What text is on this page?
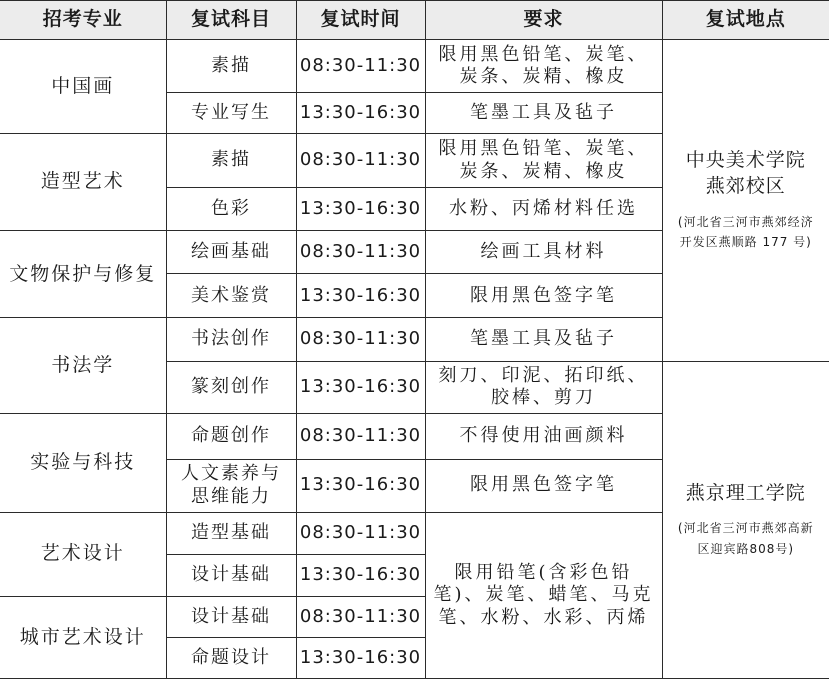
招考专业	复试科目	复试时间	要求	复试地点
中国画	素描	08:30-11:30	限用黑色铅笔、炭笔、
炭条、炭精、橡皮	中央美术学院
燕郊校区
(河北省三河市燕郊经济
开发区燕顺路 177 号)

	专业写生	13:30-16:30	笔墨工具及毡子	
造型艺术	素描	08:30-11:30	限用黑色铅笔、炭笔、
炭条、炭精、橡皮	
	色彩	13:30-16:30	水粉、丙烯材料任选	
文物保护与修复	绘画基础	08:30-11:30	绘画工具材料	
	美术鉴赏	13:30-16:30	限用黑色签字笔	
书法学	书法创作	08:30-11:30	笔墨工具及毡子	
	篆刻创作	13:30-16:30	刻刀、印泥、拓印纸、
胶棒、剪刀	燕京理工学院
(河北省三河市燕郊高新
区迎宾路808号)

实验与科技	命题创作	08:30-11:30	不得使用油画颜料	
	人文素养与
思维能力	13:30-16:30	限用黑色签字笔	
艺术设计	造型基础	08:30-11:30	限用铅笔(含彩色铅
笔)、炭笔、蜡笔、马克
笔、水粉、水彩、丙烯	
	设计基础	13:30-16:30		
城市艺术设计	设计基础	08:30-11:30		
	命题设计	13:30-16:30		
